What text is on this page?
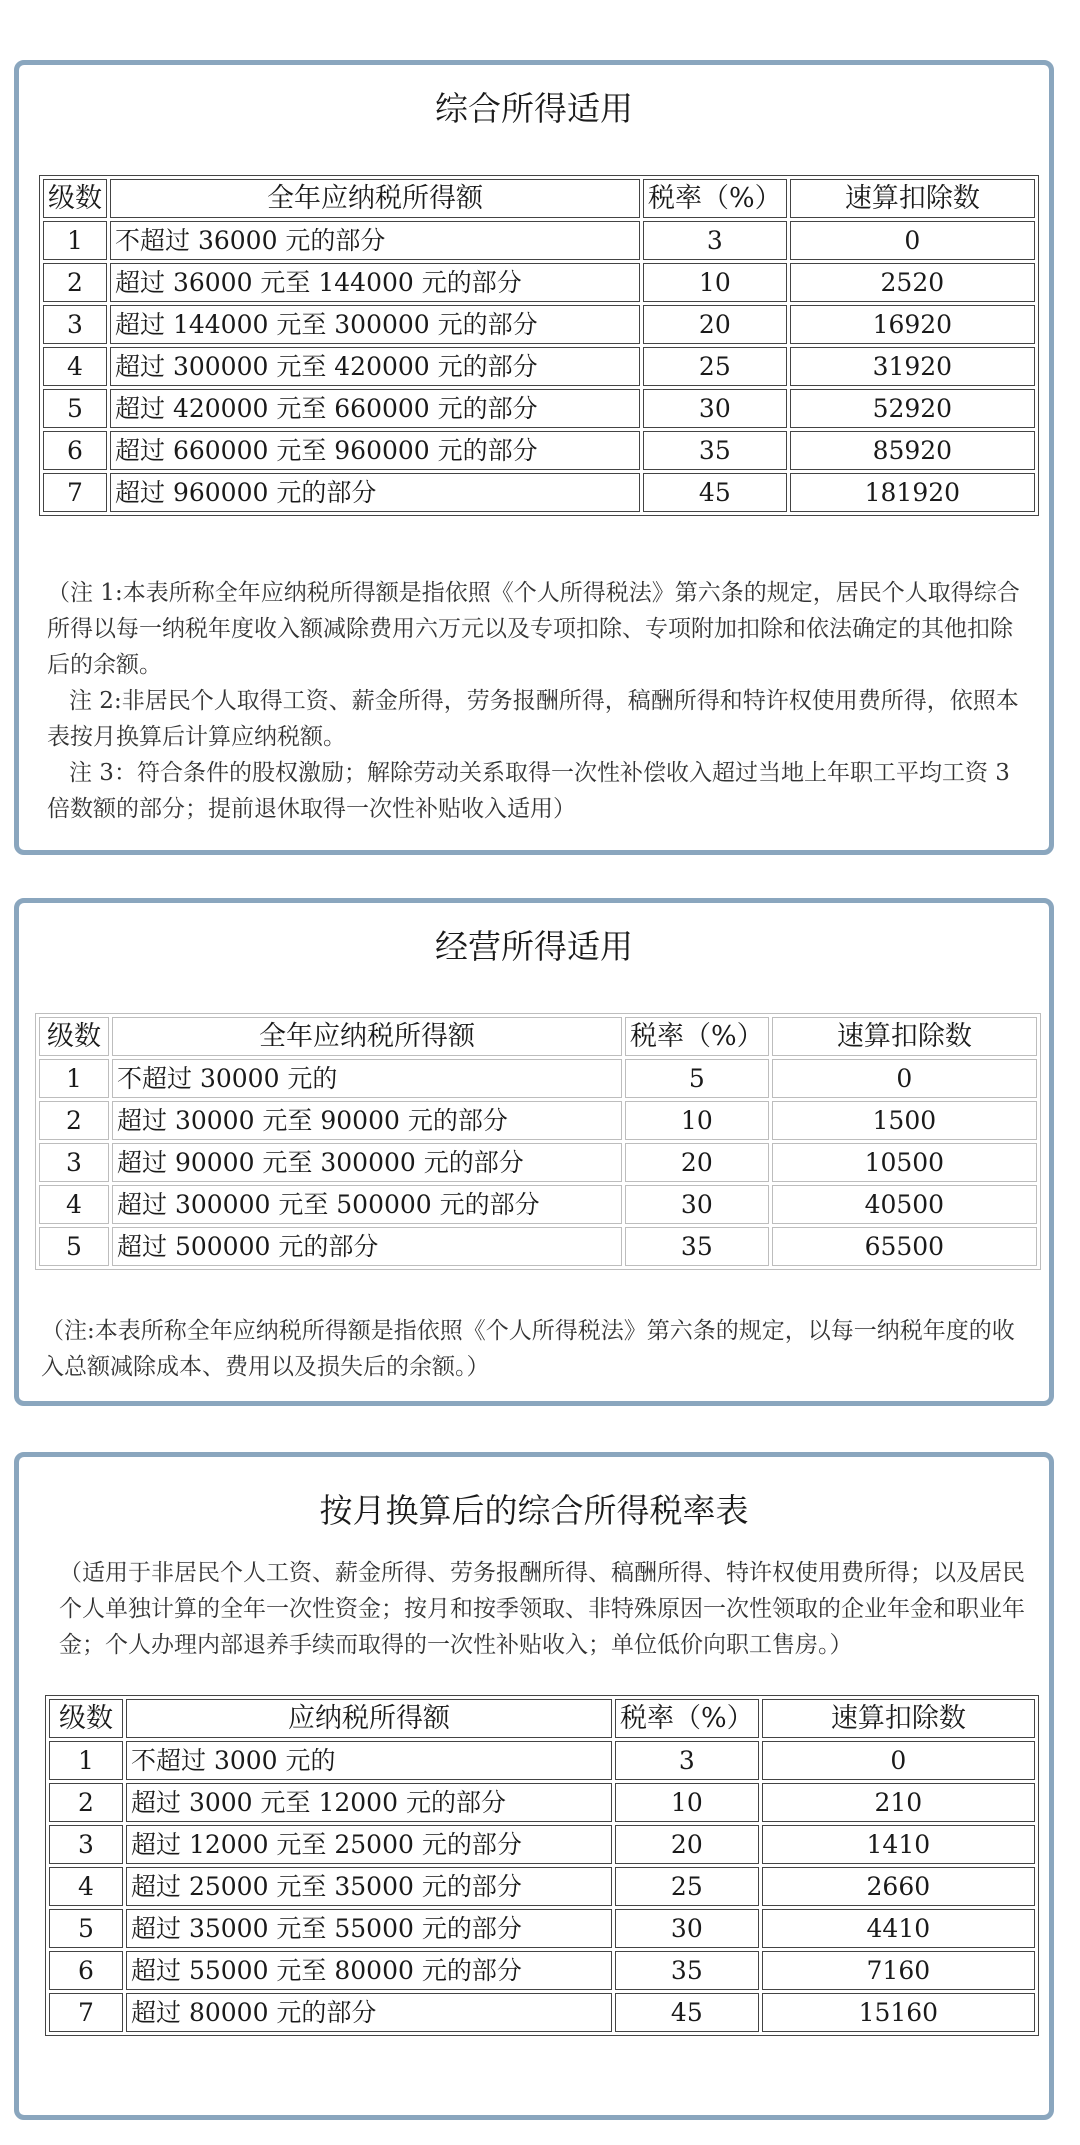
综合所得适用
级数	全年应纳税所得额	税率（%）	速算扣除数
1	不超过 36000 元的部分	3	0
2	超过 36000 元至 144000 元的部分	10	2520
3	超过 144000 元至 300000 元的部分	20	16920
4	超过 300000 元至 420000 元的部分	25	31920
5	超过 420000 元至 660000 元的部分	30	52920
6	超过 660000 元至 960000 元的部分	35	85920
7	超过 960000 元的部分	45	181920

（注 1:本表所称全年应纳税所得额是指依照《个人所得税法》第六条的规定，居民个人取得综合所得以每一纳税年度收入额减除费用六万元以及专项扣除、专项附加扣除和依法确定的其他扣除后的余额。

注 2:非居民个人取得工资、薪金所得，劳务报酬所得，稿酬所得和特许权使用费所得，依照本表按月换算后计算应纳税额。

注 3：符合条件的股权激励；解除劳动关系取得一次性补偿收入超过当地上年职工平均工资 3 倍数额的部分；提前退休取得一次性补贴收入适用）

经营所得适用
级数	全年应纳税所得额	税率（%）	速算扣除数
1	不超过 30000 元的	5	0
2	超过 30000 元至 90000 元的部分	10	1500
3	超过 90000 元至 300000 元的部分	20	10500
4	超过 300000 元至 500000 元的部分	30	40500
5	超过 500000 元的部分	35	65500

（注:本表所称全年应纳税所得额是指依照《个人所得税法》第六条的规定，以每一纳税年度的收入总额减除成本、费用以及损失后的余额。）

按月换算后的综合所得税率表

（适用于非居民个人工资、薪金所得、劳务报酬所得、稿酬所得、特许权使用费所得；以及居民个人单独计算的全年一次性资金；按月和按季领取、非特殊原因一次性领取的企业年金和职业年金；个人办理内部退养手续而取得的一次性补贴收入；单位低价向职工售房。）

级数	应纳税所得额	税率（%）	速算扣除数
1	不超过 3000 元的	3	0
2	超过 3000 元至 12000 元的部分	10	210
3	超过 12000 元至 25000 元的部分	20	1410
4	超过 25000 元至 35000 元的部分	25	2660
5	超过 35000 元至 55000 元的部分	30	4410
6	超过 55000 元至 80000 元的部分	35	7160
7	超过 80000 元的部分	45	15160
